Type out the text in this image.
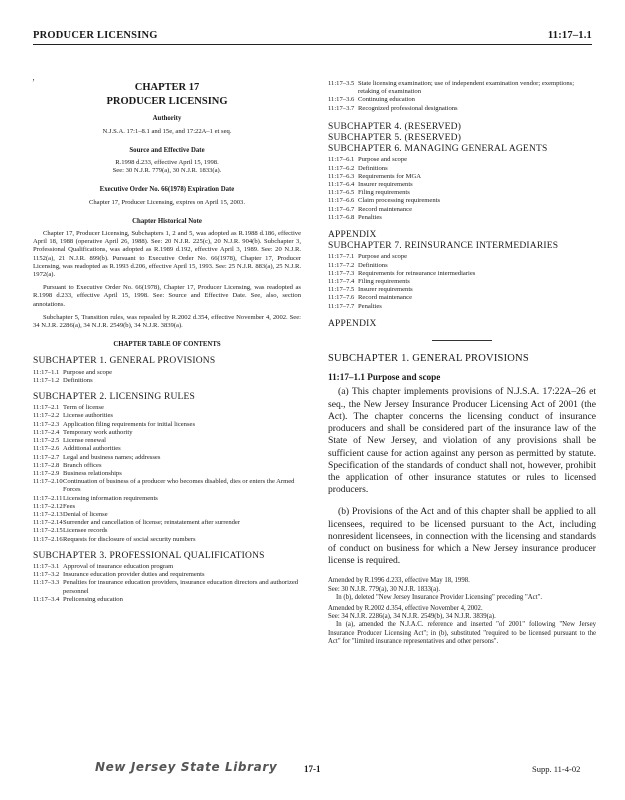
PRODUCER LICENSING	11:17–1.1
‚
CHAPTER 17
PRODUCER LICENSING
Authority
N.J.S.A. 17:1–8.1 and 15e, and 17:22A–1 et seq.
Source and Effective Date
R.1998 d.233, effective April 15, 1998.
See: 30 N.J.R. 779(a), 30 N.J.R. 1833(a).
Executive Order No. 66(1978) Expiration Date
Chapter 17, Producer Licensing, expires on April 15, 2003.
Chapter Historical Note

Chapter 17, Producer Licensing, Subchapters 1, 2 and 5, was adopted as R.1988 d.186, effective April 18, 1988 (operative April 26, 1988). See: 20 N.J.R. 225(c), 20 N.J.R. 904(b). Subchapter 3, Professional Qualifications, was adopted as R.1989 d.192, effective April 3, 1989. See: 20 N.J.R. 1152(a), 21 N.J.R. 899(b). Pursuant to Executive Order No. 66(1978), Chapter 17, Producer Licensing, was readopted as R.1993 d.206, effective April 15, 1993. See: 25 N.J.R. 883(a), 25 N.J.R. 1972(a).

Pursuant to Executive Order No. 66(1978), Chapter 17, Producer Licensing, was readopted as R.1998 d.233, effective April 15, 1998. See: Source and Effective Date. See, also, section annotations.

Subchapter 5, Transition rules, was repealed by R.2002 d.354, effective November 4, 2002. See: 34 N.J.R. 2286(a), 34 N.J.R. 2549(b), 34 N.J.R. 3839(a).

CHAPTER TABLE OF CONTENTS
SUBCHAPTER 1. GENERAL PROVISIONS
11:17–1.1 Purpose and scope
11:17–1.2 Definitions
SUBCHAPTER 2. LICENSING RULES
11:17–2.1 Term of license
11:17–2.2 License authorities
11:17–2.3 Application filing requirements for initial licenses
11:17–2.4 Temporary work authority
11:17–2.5 License renewal
11:17–2.6 Additional authorities
11:17–2.7 Legal and business names; addresses
11:17–2.8 Branch offices
11:17–2.9 Business relationships
11:17–2.10 Continuation of business of a producer who becomes disabled, dies or enters the Armed Forces
11:17–2.11 Licensing information requirements
11:17–2.12 Fees
11:17–2.13 Denial of license
11:17–2.14 Surrender and cancellation of license; reinstatement after surrender
11:17–2.15 Licensee records
11:17–2.16 Requests for disclosure of social security numbers
SUBCHAPTER 3. PROFESSIONAL QUALIFICATIONS
11:17–3.1 Approval of insurance education program
11:17–3.2 Insurance education provider duties and requirements
11:17–3.3 Penalties for insurance education providers, insurance education directors and authorized personnel
11:17–3.4 Prelicensing education
11:17–3.5 State licensing examination; use of independent examination vendor; exemptions; retaking of examination
11:17–3.6 Continuing education
11:17–3.7 Recognized professional designations
SUBCHAPTER 4. (RESERVED)
SUBCHAPTER 5. (RESERVED)
SUBCHAPTER 6. MANAGING GENERAL AGENTS
11:17–6.1 Purpose and scope
11:17–6.2 Definitions
11:17–6.3 Requirements for MGA
11:17–6.4 Insurer requirements
11:17–6.5 Filing requirements
11:17–6.6 Claim processing requirements
11:17–6.7 Record maintenance
11:17–6.8 Penalties
APPENDIX
SUBCHAPTER 7. REINSURANCE INTERMEDIARIES
11:17–7.1 Purpose and scope
11:17–7.2 Definitions
11:17–7.3 Requirements for reinsurance intermediaries
11:17–7.4 Filing requirements
11:17–7.5 Insurer requirements
11:17–7.6 Record maintenance
11:17–7.7 Penalties
APPENDIX
SUBCHAPTER 1. GENERAL PROVISIONS
11:17–1.1 Purpose and scope

(a) This chapter implements provisions of N.J.S.A. 17:22A–26 et seq., the New Jersey Insurance Producer Licensing Act of 2001 (the Act). The chapter concerns the licensing conduct of insurance producers and shall be considered part of the insurance law of the State of New Jersey, and violation of any provisions shall be sufficient cause for action against any person as permitted by statute. Specification of the standards of conduct shall not, however, prohibit the application of other insurance statutes or rules to licensed producers.

(b) Provisions of the Act and of this chapter shall be applied to all licensees, required to be licensed pursuant to the Act, including nonresident licensees, in connection with the licensing and standards of conduct on business for which a New Jersey insurance producer license is required.

Amended by R.1996 d.233, effective May 18, 1998.
See: 30 N.J.R. 779(a), 30 N.J.R. 1833(a).

In (b), deleted "New Jersey Insurance Provider Licensing" preceding "Act".

Amended by R.2002 d.354, effective November 4, 2002.
See: 34 N.J.R. 2286(a), 34 N.J.R. 2549(b), 34 N.J.R. 3839(a).

In (a), amended the N.J.A.C. reference and inserted "of 2001" following "New Jersey Insurance Producer Licensing Act"; in (b), substituted "required to be licensed pursuant to the Act" for "limited insurance representatives and other persons".

New Jersey State Library	17-1	Supp. 11-4-02
